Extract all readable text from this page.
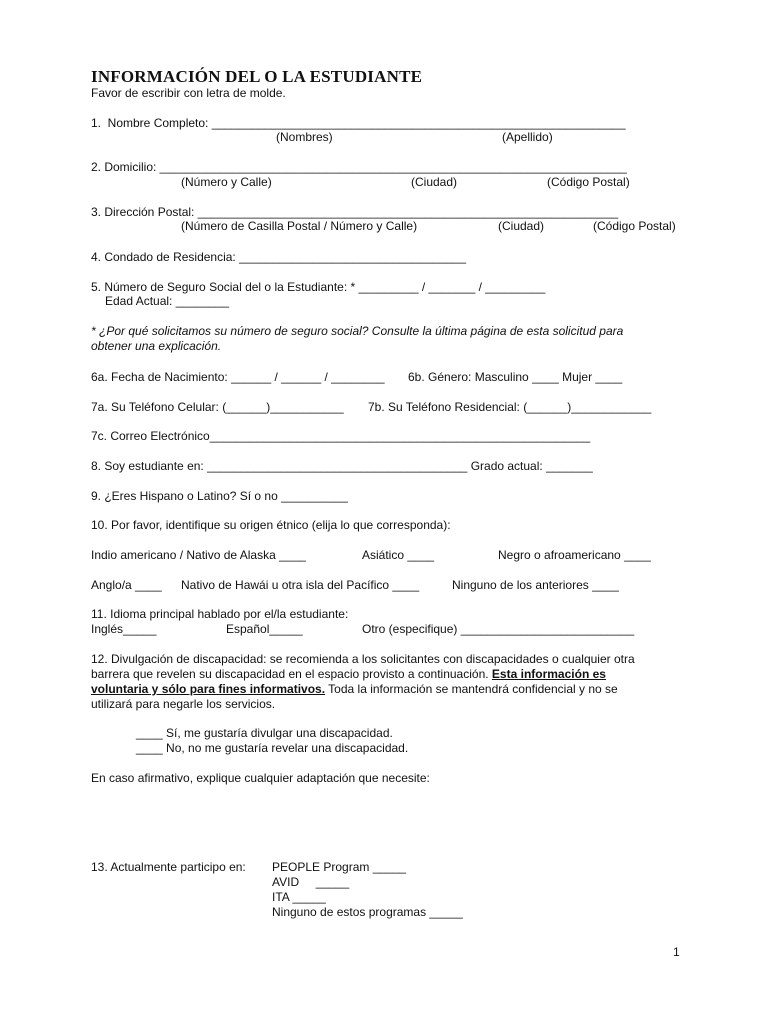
INFORMACIÓN DEL O LA ESTUDIANTE
Favor de escribir con letra de molde.
1.  Nombre Completo: ______________________________________________________________
(Nombres)	(Apellido)
2. Domicilio: ______________________________________________________________________
(Número y Calle)	(Ciudad)	(Código Postal)
3. Dirección Postal: _______________________________________________________________
(Número de Casilla Postal / Número y Calle)	(Ciudad)	(Código Postal)
4. Condado de Residencia: __________________________________
5. Número de Seguro Social del o la Estudiante: * _________ / _______ / _________
Edad Actual: ________
* ¿Por qué solicitamos su número de seguro social? Consulte la última página de esta solicitud para
obtener una explicación.
6a. Fecha de Nacimiento: ______ / ______ / ________ 6b. Género: Masculino ____ Mujer ____
7a. Su Teléfono Celular: (______)___________ 7b. Su Teléfono Residencial: (______)____________
7c. Correo Electrónico_________________________________________________________
8. Soy estudiante en: _______________________________________ Grado actual: _______
9. ¿Eres Hispano o Latino? Sí o no __________
10. Por favor, identifique su origen étnico (elija lo que corresponda):
Indio americano / Nativo de Alaska ____	Asiático ____	Negro o afroamericano ____
Anglo/a ____ Nativo de Hawái u otra isla del Pacífico ____	Ninguno de los anteriores ____
11. Idioma principal hablado por el/la estudiante:
Inglés_____	Español_____	Otro (especifique) __________________________
12. Divulgación de discapacidad: se recomienda a los solicitantes con discapacidades o cualquier otra
barrera que revelen su discapacidad en el espacio provisto a continuación. Esta información es
voluntaria y sólo para fines informativos. Toda la información se mantendrá confidencial y no se
utilizará para negarle los servicios.
____ Sí, me gustaría divulgar una discapacidad.
____ No, no me gustaría revelar una discapacidad.
En caso afirmativo, explique cualquier adaptación que necesite:
13. Actualmente participo en: PEOPLE Program _____
AVID     _____
ITA _____
Ninguno de estos programas _____
1
